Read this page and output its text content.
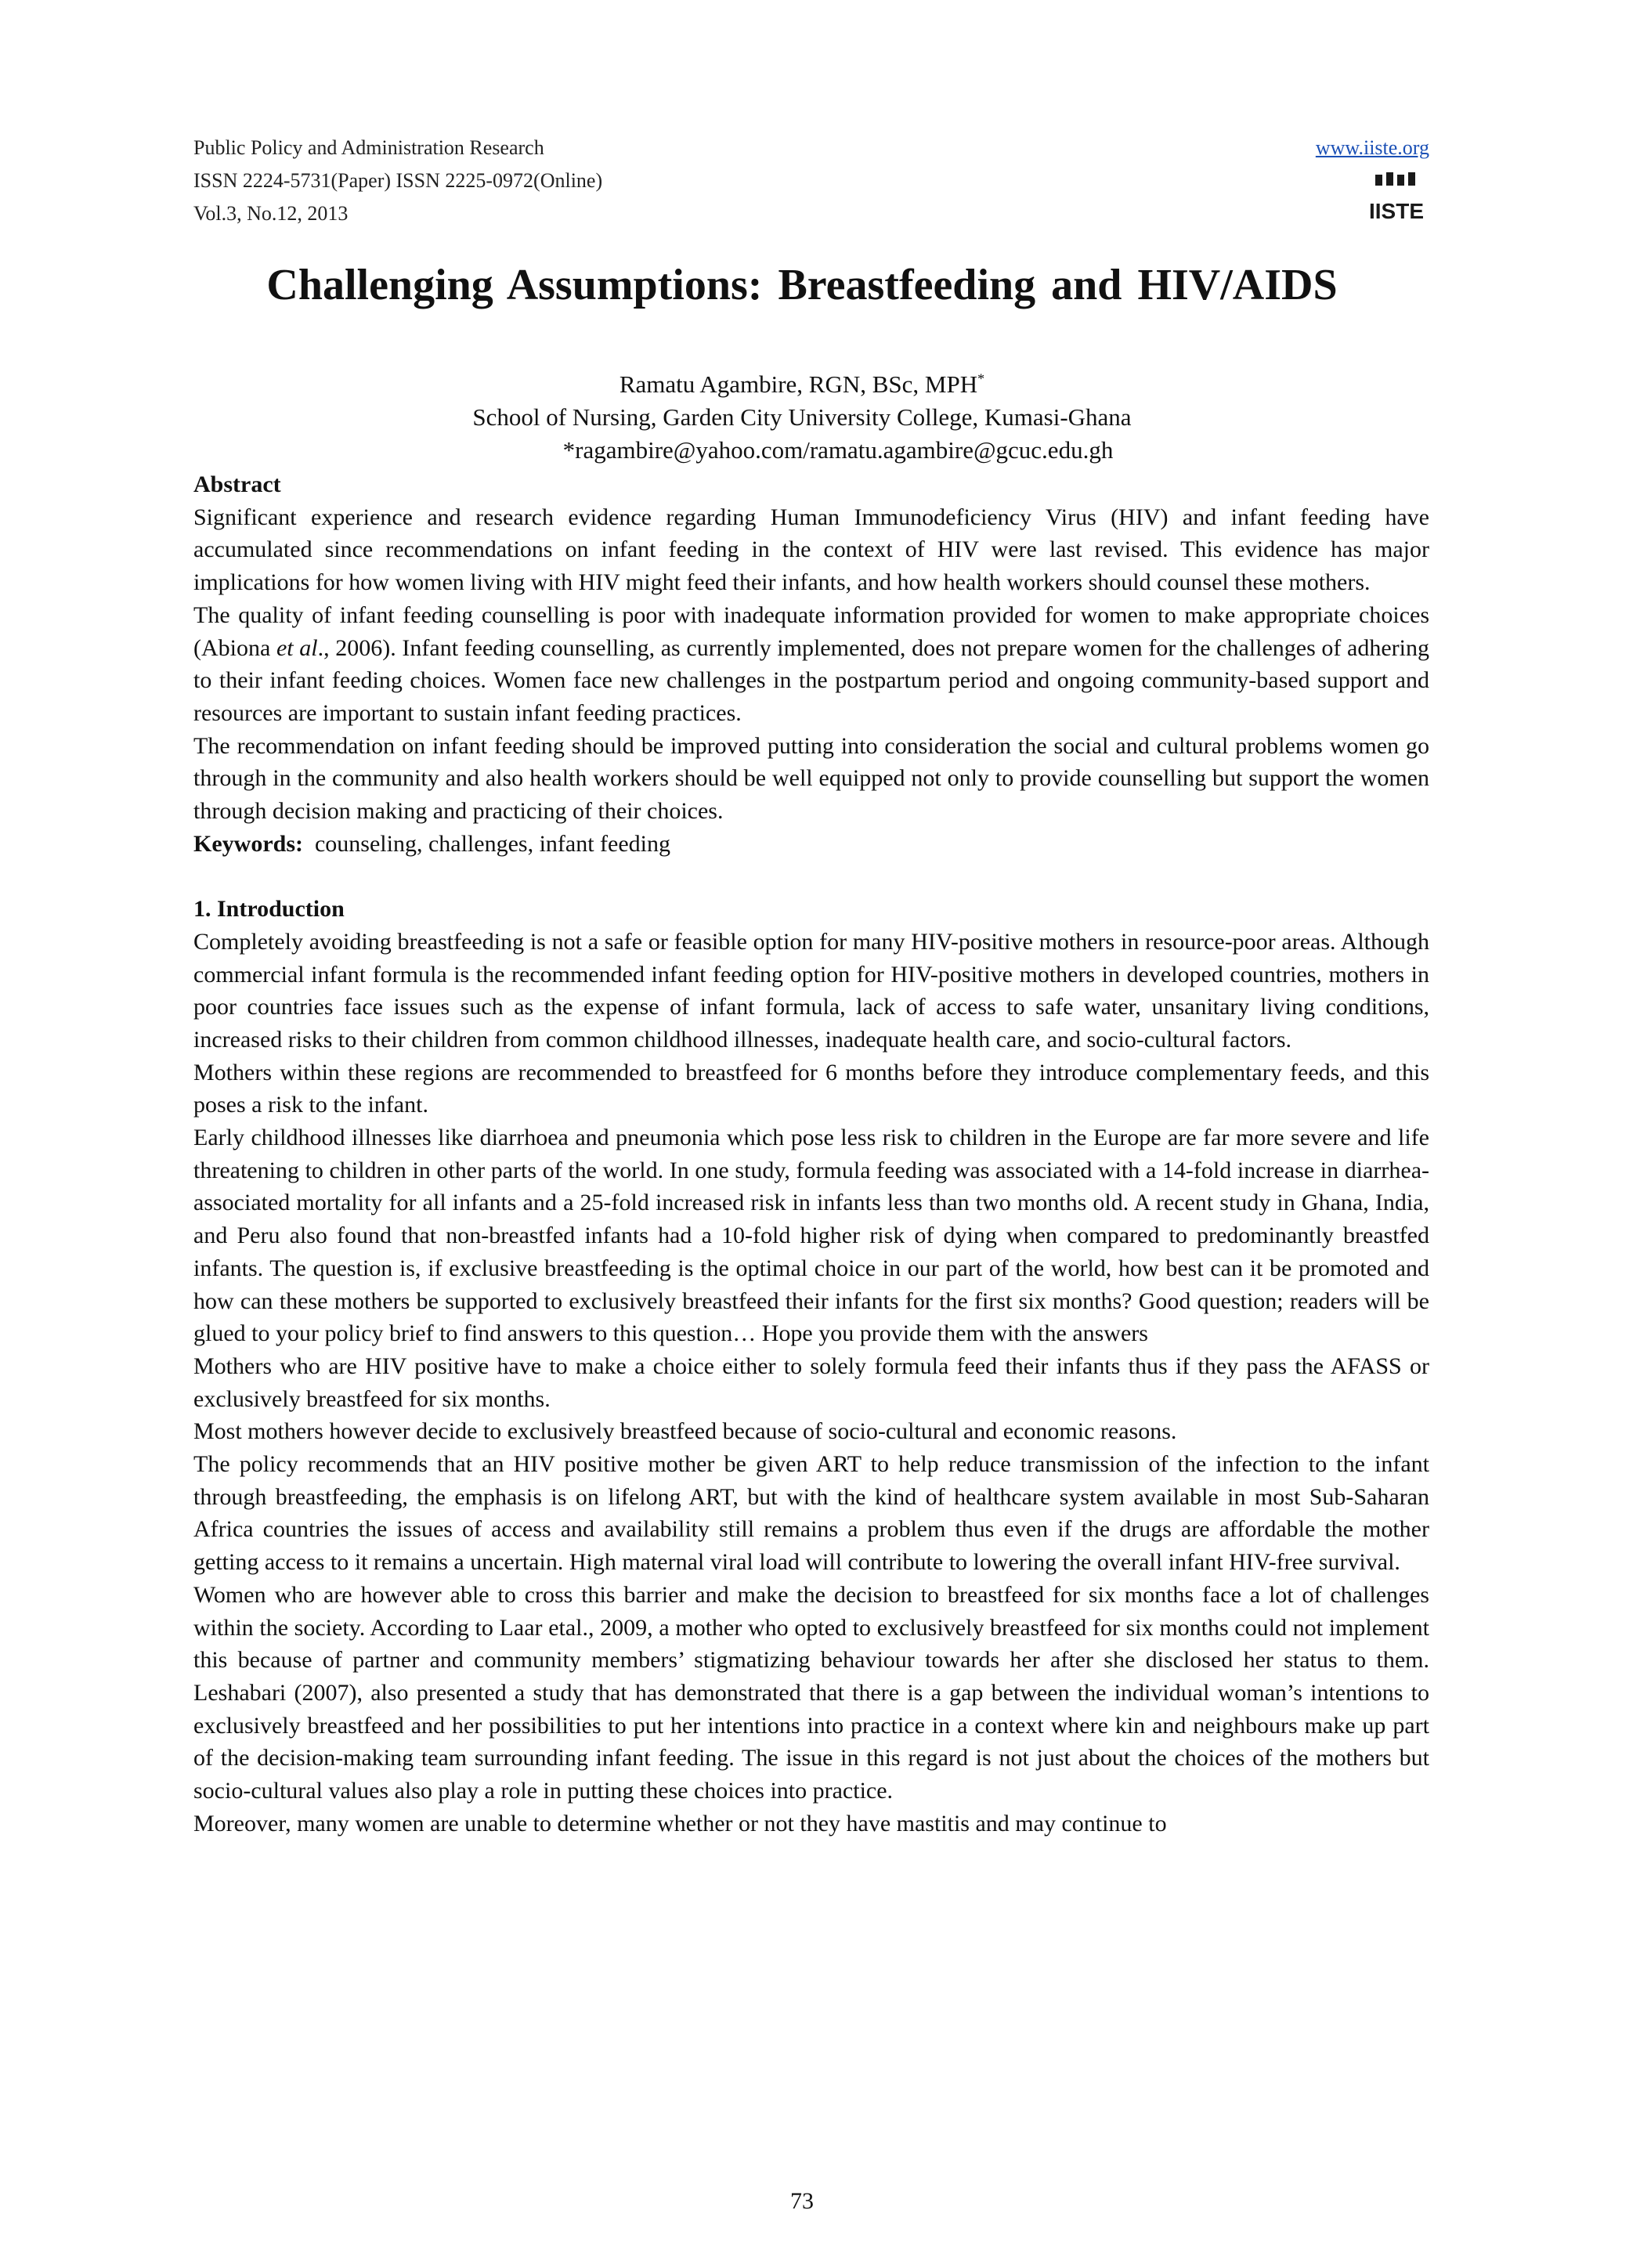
Public Policy and Administration Research
ISSN 2224-5731(Paper) ISSN 2225-0972(Online)
Vol.3, No.12, 2013
www.iiste.org
IISTE
Challenging Assumptions: Breastfeeding and HIV/AIDS
Ramatu Agambire, RGN, BSc, MPH*
School of Nursing, Garden City University College, Kumasi-Ghana
*ragambire@yahoo.com/ramatu.agambire@gcuc.edu.gh

Abstract

Significant experience and research evidence regarding Human Immunodeficiency Virus (HIV) and infant feeding have accumulated since recommendations on infant feeding in the context of HIV were last revised. This evidence has major implications for how women living with HIV might feed their infants, and how health workers should counsel these mothers.

The quality of infant feeding counselling is poor with inadequate information provided for women to make appropriate choices (Abiona et al., 2006). Infant feeding counselling, as currently implemented, does not prepare women for the challenges of adhering to their infant feeding choices. Women face new challenges in the postpartum period and ongoing community-based support and resources are important to sustain infant feeding practices.

The recommendation on infant feeding should be improved putting into consideration the social and cultural problems women go through in the community and also health workers should be well equipped not only to provide counselling but support the women through decision making and practicing of their choices.

Keywords: counseling, challenges, infant feeding

1. Introduction

Completely avoiding breastfeeding is not a safe or feasible option for many HIV-positive mothers in resource-poor areas. Although commercial infant formula is the recommended infant feeding option for HIV-positive mothers in developed countries, mothers in poor countries face issues such as the expense of infant formula, lack of access to safe water, unsanitary living conditions, increased risks to their children from common childhood illnesses, inadequate health care, and socio-cultural factors.

Mothers within these regions are recommended to breastfeed for 6 months before they introduce complementary feeds, and this poses a risk to the infant.

Early childhood illnesses like diarrhoea and pneumonia which pose less risk to children in the Europe are far more severe and life threatening to children in other parts of the world. In one study, formula feeding was associated with a 14-fold increase in diarrhea-associated mortality for all infants and a 25-fold increased risk in infants less than two months old. A recent study in Ghana, India, and Peru also found that non-breastfed infants had a 10-fold higher risk of dying when compared to predominantly breastfed infants. The question is, if exclusive breastfeeding is the optimal choice in our part of the world, how best can it be promoted and how can these mothers be supported to exclusively breastfeed their infants for the first six months? Good question; readers will be glued to your policy brief to find answers to this question… Hope you provide them with the answers

Mothers who are HIV positive have to make a choice either to solely formula feed their infants thus if they pass the AFASS or exclusively breastfeed for six months.

Most mothers however decide to exclusively breastfeed because of socio-cultural and economic reasons.

The policy recommends that an HIV positive mother be given ART to help reduce transmission of the infection to the infant through breastfeeding, the emphasis is on lifelong ART, but with the kind of healthcare system available in most Sub-Saharan Africa countries the issues of access and availability still remains a problem thus even if the drugs are affordable the mother getting access to it remains a uncertain. High maternal viral load will contribute to lowering the overall infant HIV-free survival.

Women who are however able to cross this barrier and make the decision to breastfeed for six months face a lot of challenges within the society. According to Laar etal., 2009, a mother who opted to exclusively breastfeed for six months could not implement this because of partner and community members’ stigmatizing behaviour towards her after she disclosed her status to them. Leshabari (2007), also presented a study that has demonstrated that there is a gap between the individual woman’s intentions to exclusively breastfeed and her possibilities to put her intentions into practice in a context where kin and neighbours make up part of the decision-making team surrounding infant feeding. The issue in this regard is not just about the choices of the mothers but socio-cultural values also play a role in putting these choices into practice.

Moreover, many women are unable to determine whether or not they have mastitis and may continue to

73
